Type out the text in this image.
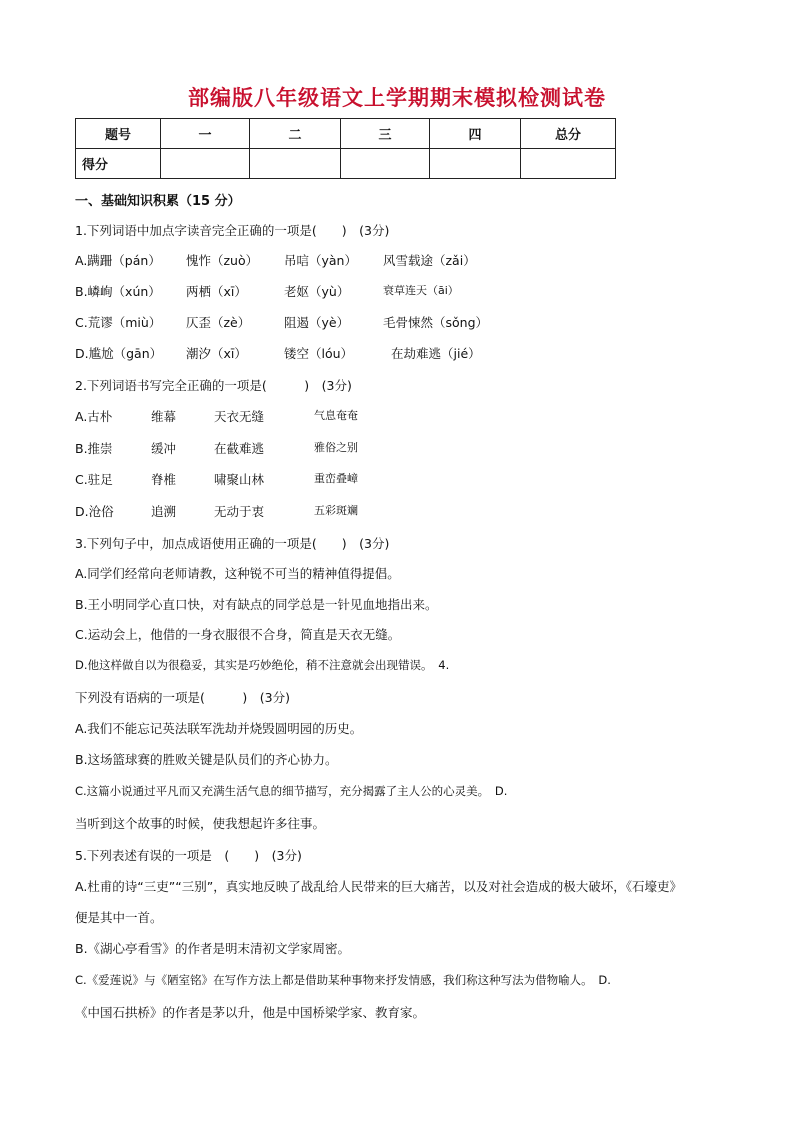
部编版八年级语文上学期期末模拟检测试卷
题号	一	二	三	四	总分
得分					
一、基础知识积累（15 分）
1.下列词语中加点字读音完全正确的一项是(　　)　(3分)
A.蹒跚（pán） 愧怍（zuò） 吊唁（yàn） 风雪载途（zǎi）
B.嶙峋（xún） 两栖（xī）	老妪（yù）	衰草连天（āi）
C.荒谬（miù） 仄歪（zè）	阻遏（yè）	毛骨悚然（sǒng）
D.尴尬（gān） 潮汐（xī）	镂空（lóu）	在劫难逃（jié）
2.下列词语书写完全正确的一项是(　　　)　(3分)
A.古朴	维幕	天衣无缝	气息奄奄
B.推崇	缓冲	在截难逃	雅俗之别
C.驻足	脊椎	啸聚山林	重峦叠嶂
D.沧俗	追溯	无动于衷	五彩斑斓
3.下列句子中，加点成语使用正确的一项是(　　)　(3分)
A.同学们经常向老师请教，这种锐不可当的精神值得提倡。
B.王小明同学心直口快，对有缺点的同学总是一针见血地指出来。
C.运动会上，他借的一身衣服很不合身，简直是天衣无缝。
D.他这样做自以为很稳妥，其实是巧妙绝伦，稍不注意就会出现错误。　4.
下列没有语病的一项是(　　　)　(3分)
A.我们不能忘记英法联军洗劫并烧毁圆明园的历史。
B.这场篮球赛的胜败关键是队员们的齐心协力。
C.这篇小说通过平凡而又充满生活气息的细节描写，充分揭露了主人公的心灵美。　D.
当听到这个故事的时候，使我想起许多往事。
5.下列表述有误的一项是　(　　)　(3分)
A.杜甫的诗“三吏”“三别”，真实地反映了战乱给人民带来的巨大痛苦，以及对社会造成的极大破坏，《石壕吏》
便是其中一首。
B.《湖心亭看雪》的作者是明末清初文学家周密。
C.《爱莲说》与《陋室铭》在写作方法上都是借助某种事物来抒发情感，我们称这种写法为借物喻人。　D.
《中国石拱桥》的作者是茅以升，他是中国桥梁学家、教育家。
